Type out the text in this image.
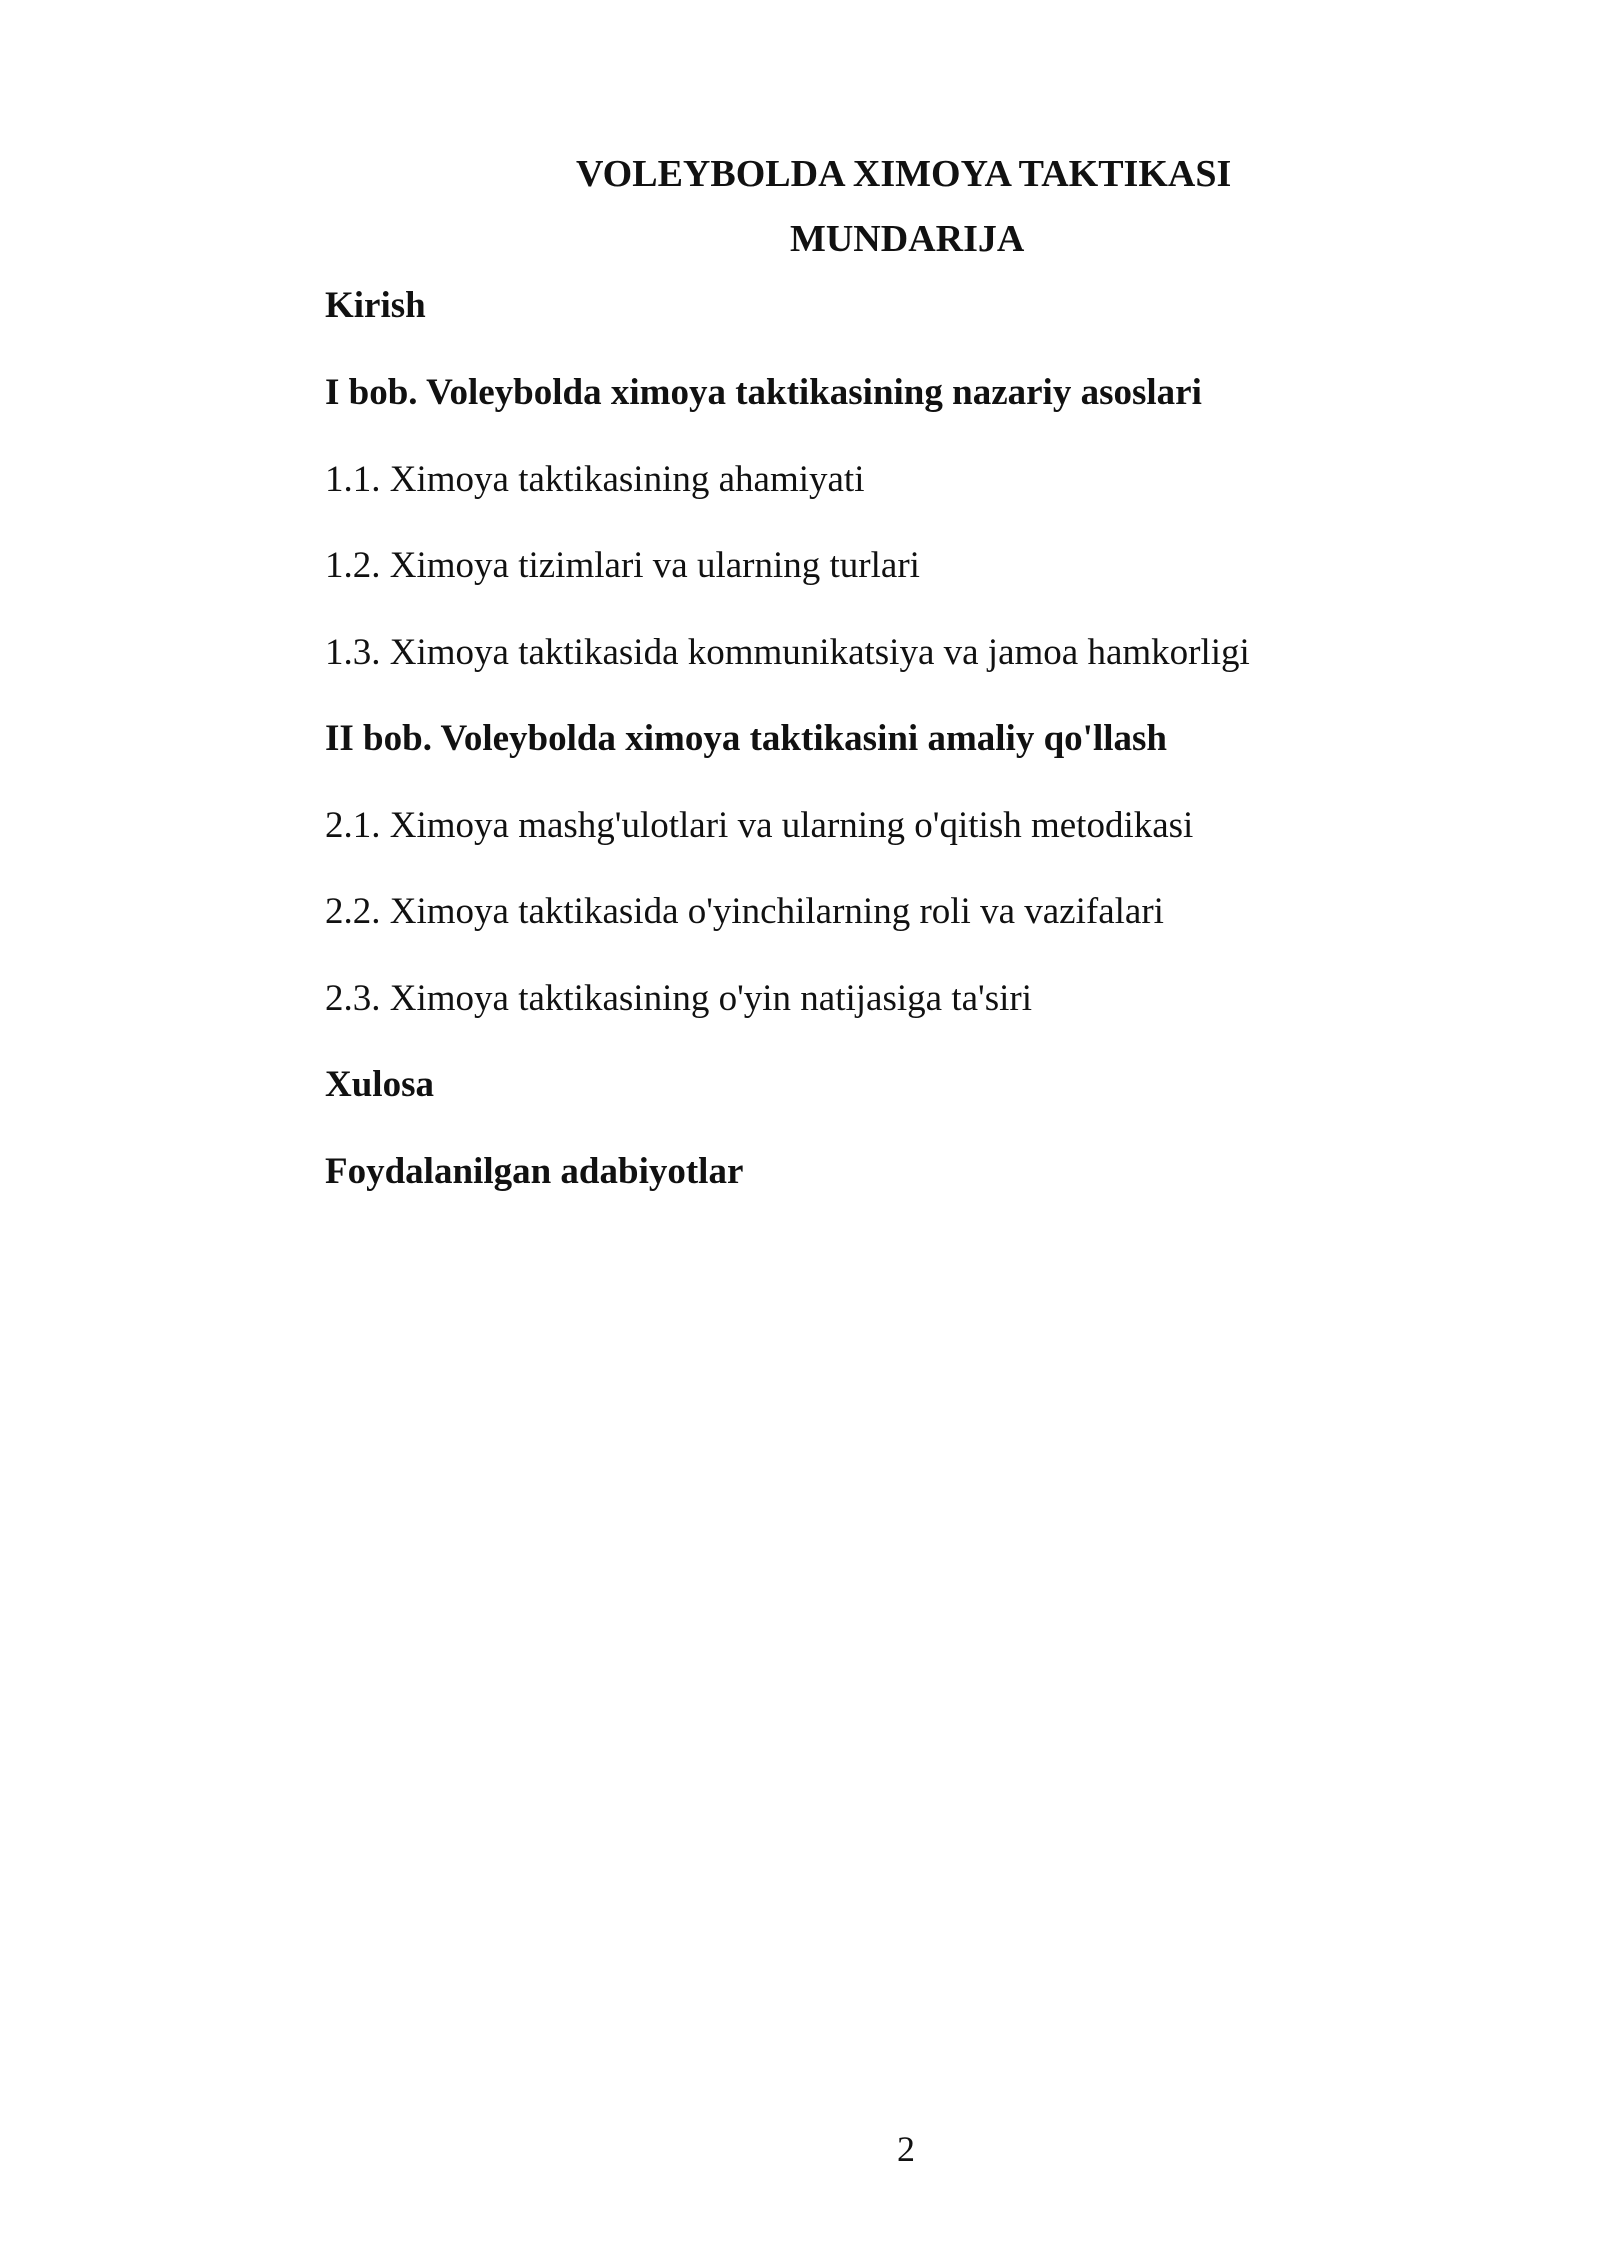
VOLEYBOLDA XIMOYA TAKTIKASI
MUNDARIJA
Kirish
I bob. Voleybolda ximoya taktikasining nazariy asoslari
1.1. Ximoya taktikasining ahamiyati
1.2. Ximoya tizimlari va ularning turlari
1.3. Ximoya taktikasida kommunikatsiya va jamoa hamkorligi
II bob. Voleybolda ximoya taktikasini amaliy qo'llash
2.1. Ximoya mashg'ulotlari va ularning o'qitish metodikasi
2.2. Ximoya taktikasida o'yinchilarning roli va vazifalari
2.3. Ximoya taktikasining o'yin natijasiga ta'siri
Xulosa
Foydalanilgan adabiyotlar
2
